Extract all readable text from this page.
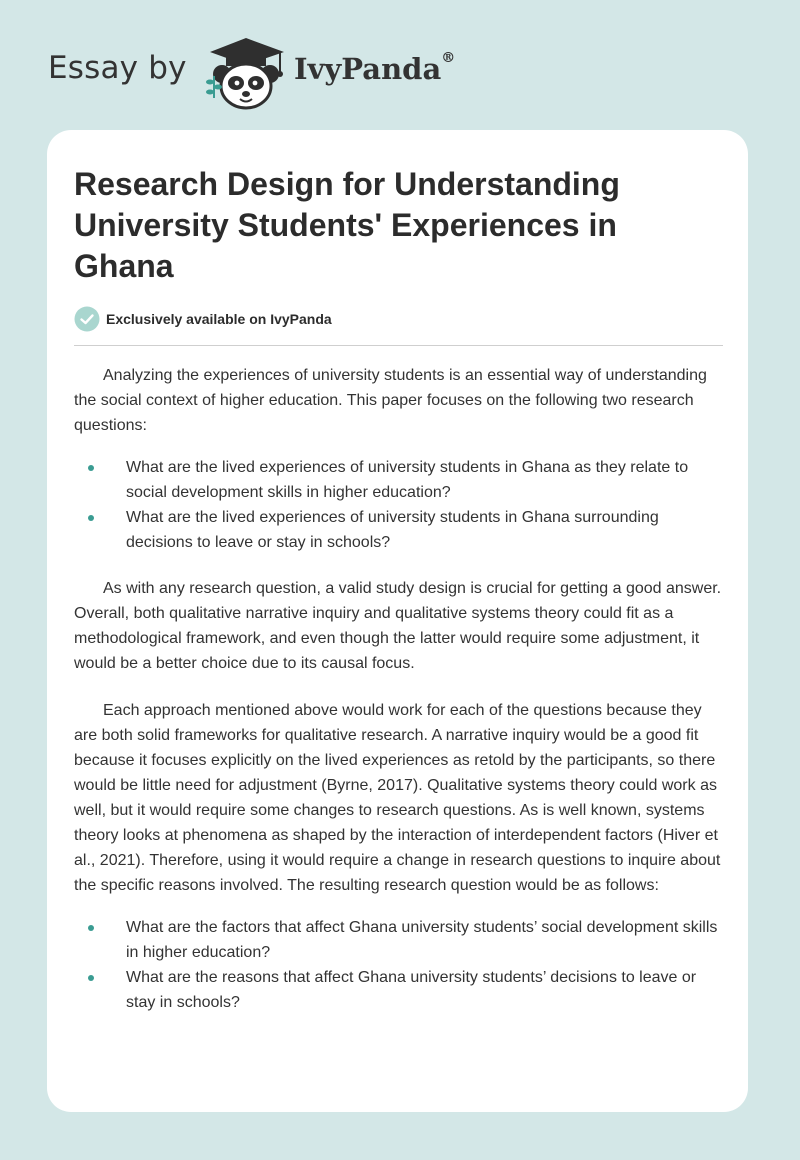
Essay by	IvyPanda®
Research Design for Understanding University Students' Experiences in Ghana
Exclusively available on IvyPanda

Analyzing the experiences of university students is an essential way of understanding the social context of higher education. This paper focuses on the following two research questions:

What are the lived experiences of university students in Ghana as they relate to social development skills in higher education?
What are the lived experiences of university students in Ghana surrounding decisions to leave or stay in schools?

As with any research question, a valid study design is crucial for getting a good answer. Overall, both qualitative narrative inquiry and qualitative systems theory could fit as a methodological framework, and even though the latter would require some adjustment, it would be a better choice due to its causal focus.

Each approach mentioned above would work for each of the questions because they are both solid frameworks for qualitative research. A narrative inquiry would be a good fit because it focuses explicitly on the lived experiences as retold by the participants, so there would be little need for adjustment (Byrne, 2017). Qualitative systems theory could work as well, but it would require some changes to research questions. As is well known, systems theory looks at phenomena as shaped by the interaction of interdependent factors (Hiver et al., 2021). Therefore, using it would require a change in research questions to inquire about the specific reasons involved. The resulting research question would be as follows:

What are the factors that affect Ghana university students’ social development skills in higher education?
What are the reasons that affect Ghana university students’ decisions to leave or stay in schools?
